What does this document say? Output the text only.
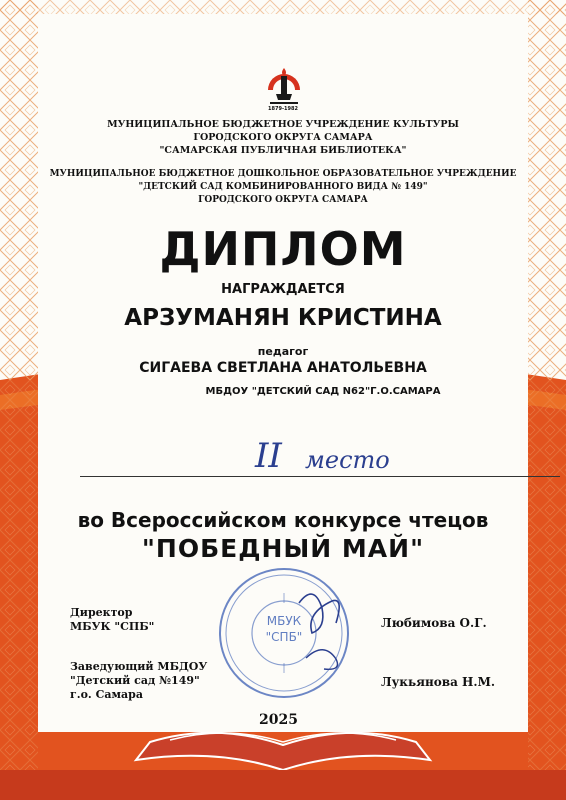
1879-1982
МУНИЦИПАЛЬНОЕ БЮДЖЕТНОЕ УЧРЕЖДЕНИЕ КУЛЬТУРЫ
ГОРОДСКОГО ОКРУГА САМАРА
"САМАРСКАЯ ПУБЛИЧНАЯ БИБЛИОТЕКА"
МУНИЦИПАЛЬНОЕ БЮДЖЕТНОЕ ДОШКОЛЬНОЕ ОБРАЗОВАТЕЛЬНОЕ УЧРЕЖДЕНИЕ
"ДЕТСКИЙ САД КОМБИНИРОВАННОГО ВИДА № 149"
ГОРОДСКОГО ОКРУГА САМАРА
ДИПЛОМ
НАГРАЖДАЕТСЯ
АРЗУМАНЯН КРИСТИНА
педагог
СИГАЕВА СВЕТЛАНА АНАТОЛЬЕВНА
МБДОУ "ДЕТСКИЙ САД N62"Г.О.САМАРА
II место
во Всероссийском конкурсе чтецов
"ПОБЕДНЫЙ МАЙ"
МБУК
"СПБ"
Директор
МБУК "СПБ"	Любимова О.Г.
Заведующий МБДОУ
"Детский сад №149"
г.о. Самара
Лукьянова Н.М.
2025
